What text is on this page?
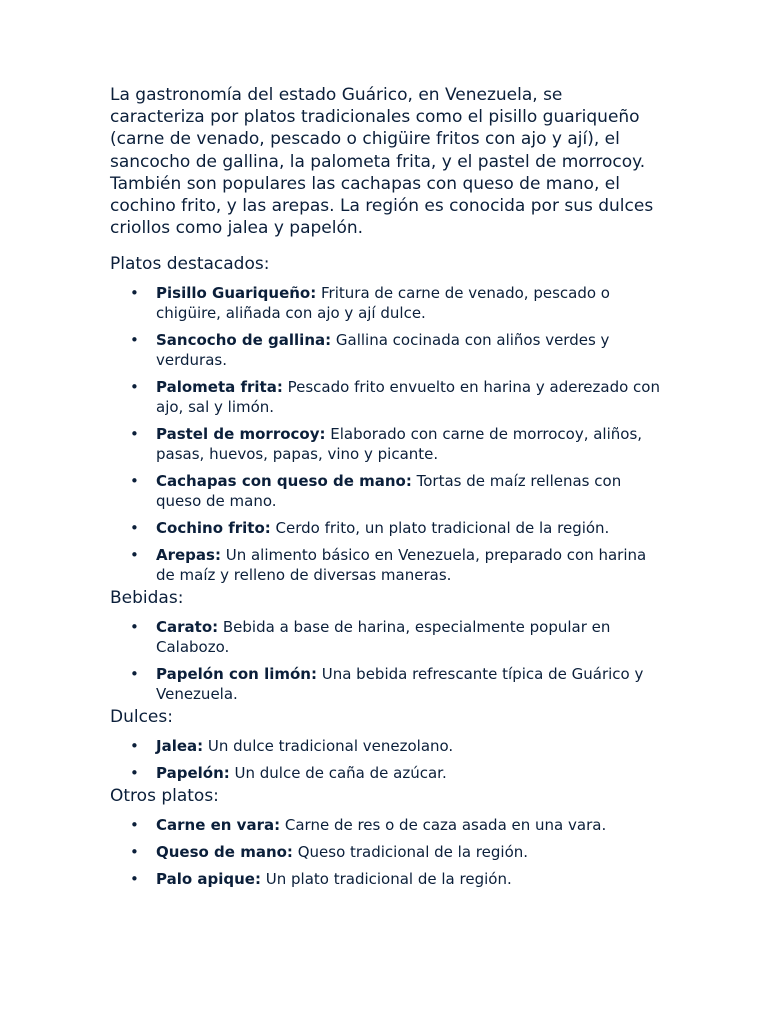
La gastronomía del estado Guárico, en Venezuela, se caracteriza por platos tradicionales como el pisillo guariqueño (carne de venado, pescado o chigüire fritos con ajo y ají), el sancocho de gallina, la palometa frita, y el pastel de morrocoy. También son populares las cachapas con queso de mano, el cochino frito, y las arepas. La región es conocida por sus dulces criollos como jalea y papelón.

Platos destacados:

• Pisillo Guariqueño: Fritura de carne de venado, pescado o chigüire, aliñada con ajo y ají dulce.
• Sancocho de gallina: Gallina cocinada con aliños verdes y verduras.
• Palometa frita: Pescado frito envuelto en harina y aderezado con ajo, sal y limón.
• Pastel de morrocoy: Elaborado con carne de morrocoy, aliños, pasas, huevos, papas, vino y picante.
• Cachapas con queso de mano: Tortas de maíz rellenas con queso de mano.
• Cochino frito: Cerdo frito, un plato tradicional de la región.
• Arepas: Un alimento básico en Venezuela, preparado con harina de maíz y relleno de diversas maneras.

Bebidas:

• Carato: Bebida a base de harina, especialmente popular en Calabozo.
• Papelón con limón: Una bebida refrescante típica de Guárico y Venezuela.

Dulces:

• Jalea: Un dulce tradicional venezolano.
• Papelón: Un dulce de caña de azúcar.

Otros platos:

• Carne en vara: Carne de res o de caza asada en una vara.
• Queso de mano: Queso tradicional de la región.
• Palo apique: Un plato tradicional de la región.
